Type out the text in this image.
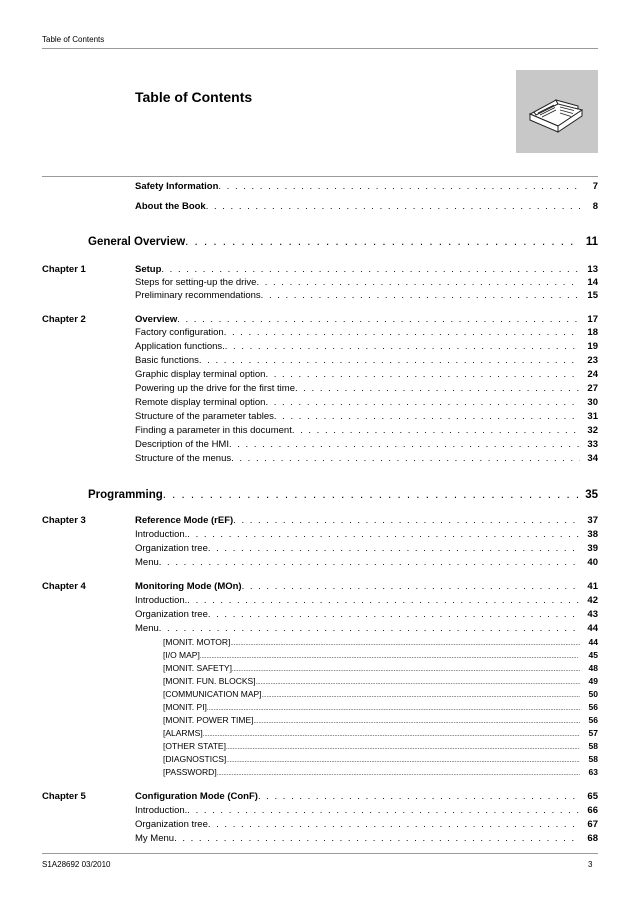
Table of Contents
Table of Contents
Safety Information . . .	7
About the Book . . .	8
General Overview . . .	11
Chapter 1	Setup . . .	13
Steps for setting-up the drive . . .	14
Preliminary recommendations . . .	15
Chapter 2	Overview . . .	17
Factory configuration . . .	18
Application functions. . . .	19
Basic functions . . .	23
Graphic display terminal option . . .	24
Powering up the drive for the first time . . .	27
Remote display terminal option . . .	30
Structure of the parameter tables . . .	31
Finding a parameter in this document . . .	32
Description of the HMI . . .	33
Structure of the menus . . .	34
Programming . . .	35
Chapter 3	Reference Mode (rEF) . . .	37
Introduction. . . .	38
Organization tree . . .	39
Menu . . .	40
Chapter 4	Monitoring Mode (MOn) . . .	41
Introduction. . . .	42
Organization tree . . .	43
Menu . . .	44
[MONIT. MOTOR] .....	44
[I/O MAP] .....	45
[MONIT. SAFETY] .....	48
[MONIT. FUN. BLOCKS] .....	49
[COMMUNICATION MAP] .....	50
[MONIT. PI] .....	56
[MONIT. POWER TIME] .....	56
[ALARMS] .....	57
[OTHER STATE] .....	58
[DIAGNOSTICS] .....	58
[PASSWORD] .....	63
Chapter 5	Configuration Mode (ConF) . . .	65
Introduction. . . .	66
Organization tree . . .	67
My Menu . . .	68
S1A28692 03/2010	3
